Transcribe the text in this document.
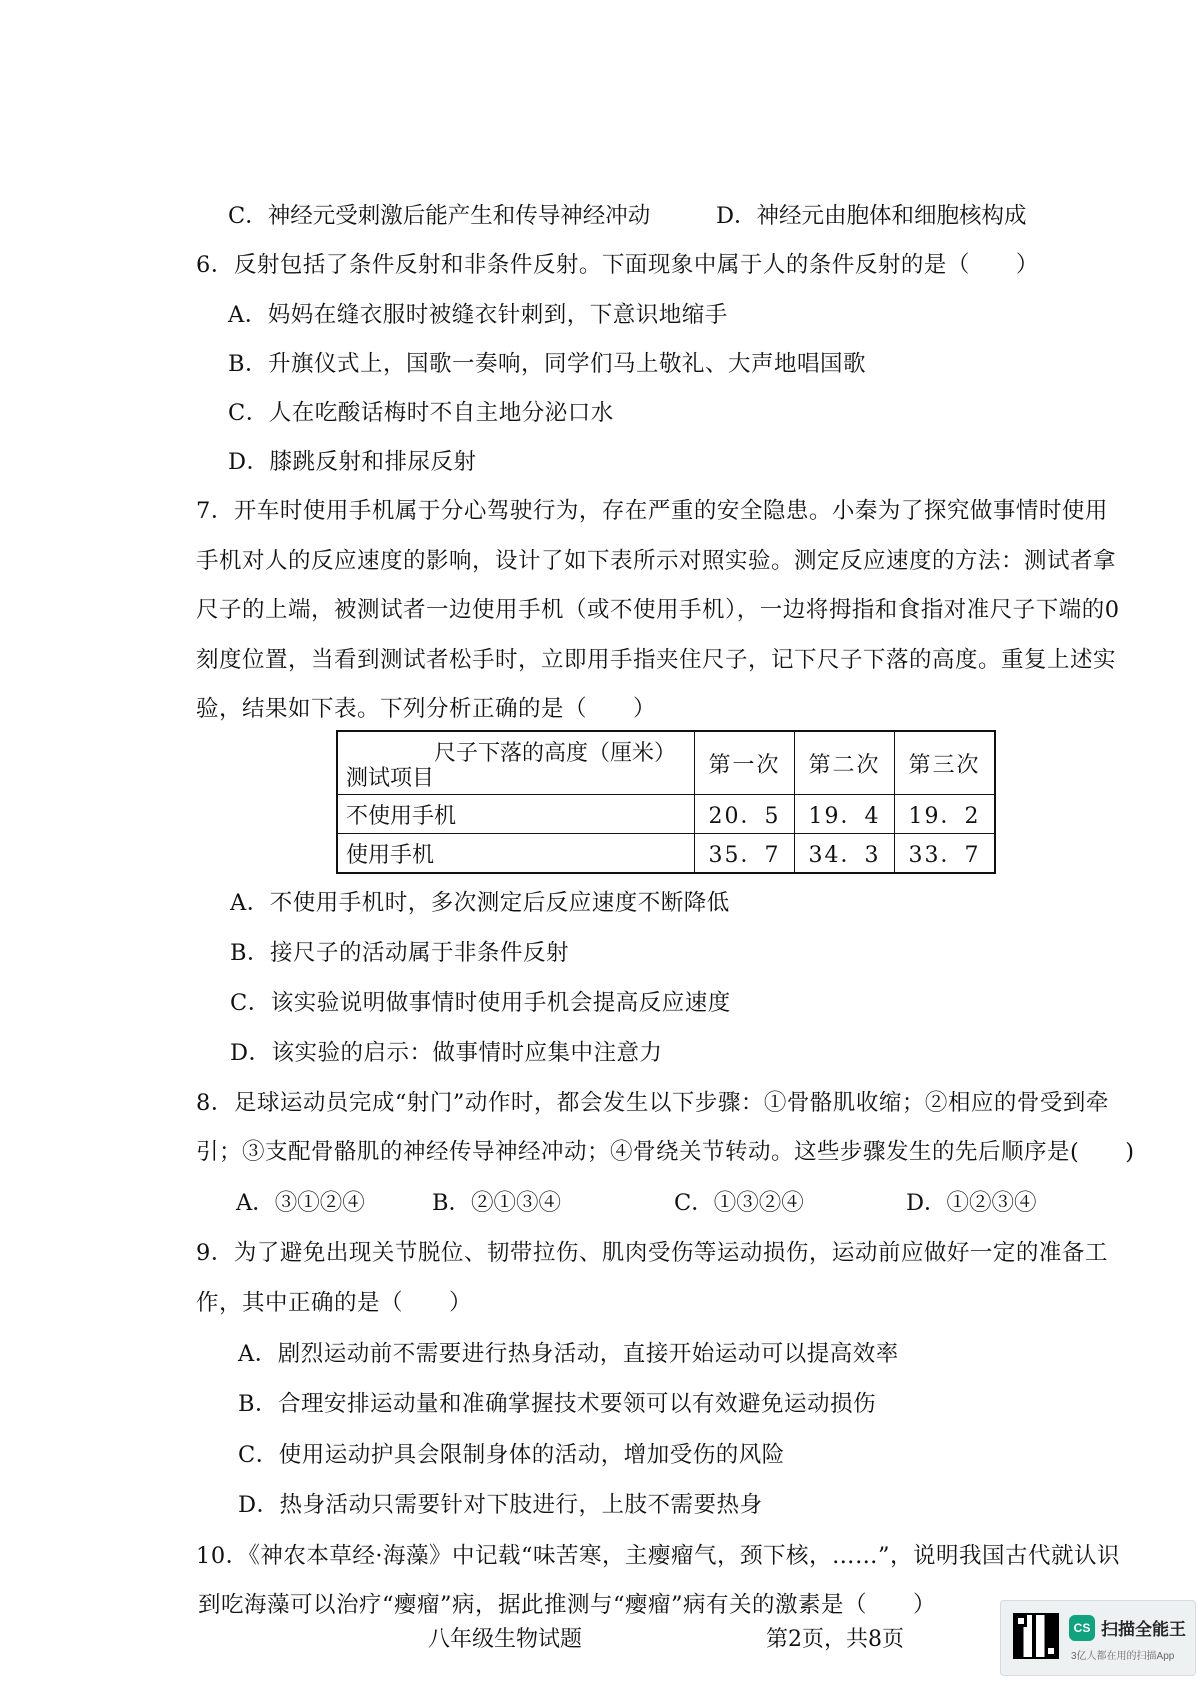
C．神经元受刺激后能产生和传导神经冲动	D．神经元由胞体和细胞核构成
6．反射包括了条件反射和非条件反射。下面现象中属于人的条件反射的是（　　）
A．妈妈在缝衣服时被缝衣针刺到，下意识地缩手
B．升旗仪式上，国歌一奏响，同学们马上敬礼、大声地唱国歌
C．人在吃酸话梅时不自主地分泌口水
D．膝跳反射和排尿反射
7．开车时使用手机属于分心驾驶行为，存在严重的安全隐患。小秦为了探究做事情时使用
手机对人的反应速度的影响，设计了如下表所示对照实验。测定反应速度的方法：测试者拿
尺子的上端，被测试者一边使用手机（或不使用手机），一边将拇指和食指对准尺子下端的0
刻度位置，当看到测试者松手时，立即用手指夹住尺子，记下尺子下落的高度。重复上述实
验，结果如下表。下列分析正确的是（　　）
尺子下落的高度（厘米）
测试项目	第一次	第二次	第三次
不使用手机	20．5	19．4	19．2
使用手机	35．7	34．3	33．7
A．不使用手机时，多次测定后反应速度不断降低
B．接尺子的活动属于非条件反射
C．该实验说明做事情时使用手机会提高反应速度
D．该实验的启示：做事情时应集中注意力
8．足球运动员完成“射门”动作时，都会发生以下步骤：①骨骼肌收缩；②相应的骨受到牵
引；③支配骨骼肌的神经传导神经冲动；④骨绕关节转动。这些步骤发生的先后顺序是(　　)
A．③①②④	B．②①③④	C．①③②④	D．①②③④
9．为了避免出现关节脱位、韧带拉伤、肌肉受伤等运动损伤，运动前应做好一定的准备工
作，其中正确的是（　　）
A．剧烈运动前不需要进行热身活动，直接开始运动可以提高效率
B．合理安排运动量和准确掌握技术要领可以有效避免运动损伤
C．使用运动护具会限制身体的活动，增加受伤的风险
D．热身活动只需要针对下肢进行，上肢不需要热身
10．《神农本草经·海藻》中记载“味苦寒，主瘿瘤气，颈下核，……”，说明我国古代就认识
到吃海藻可以治疗“瘿瘤”病，据此推测与“瘿瘤”病有关的激素是（　　）
八年级生物试题	第2页，共8页	CS 扫描全能王
3亿人都在用的扫描App
